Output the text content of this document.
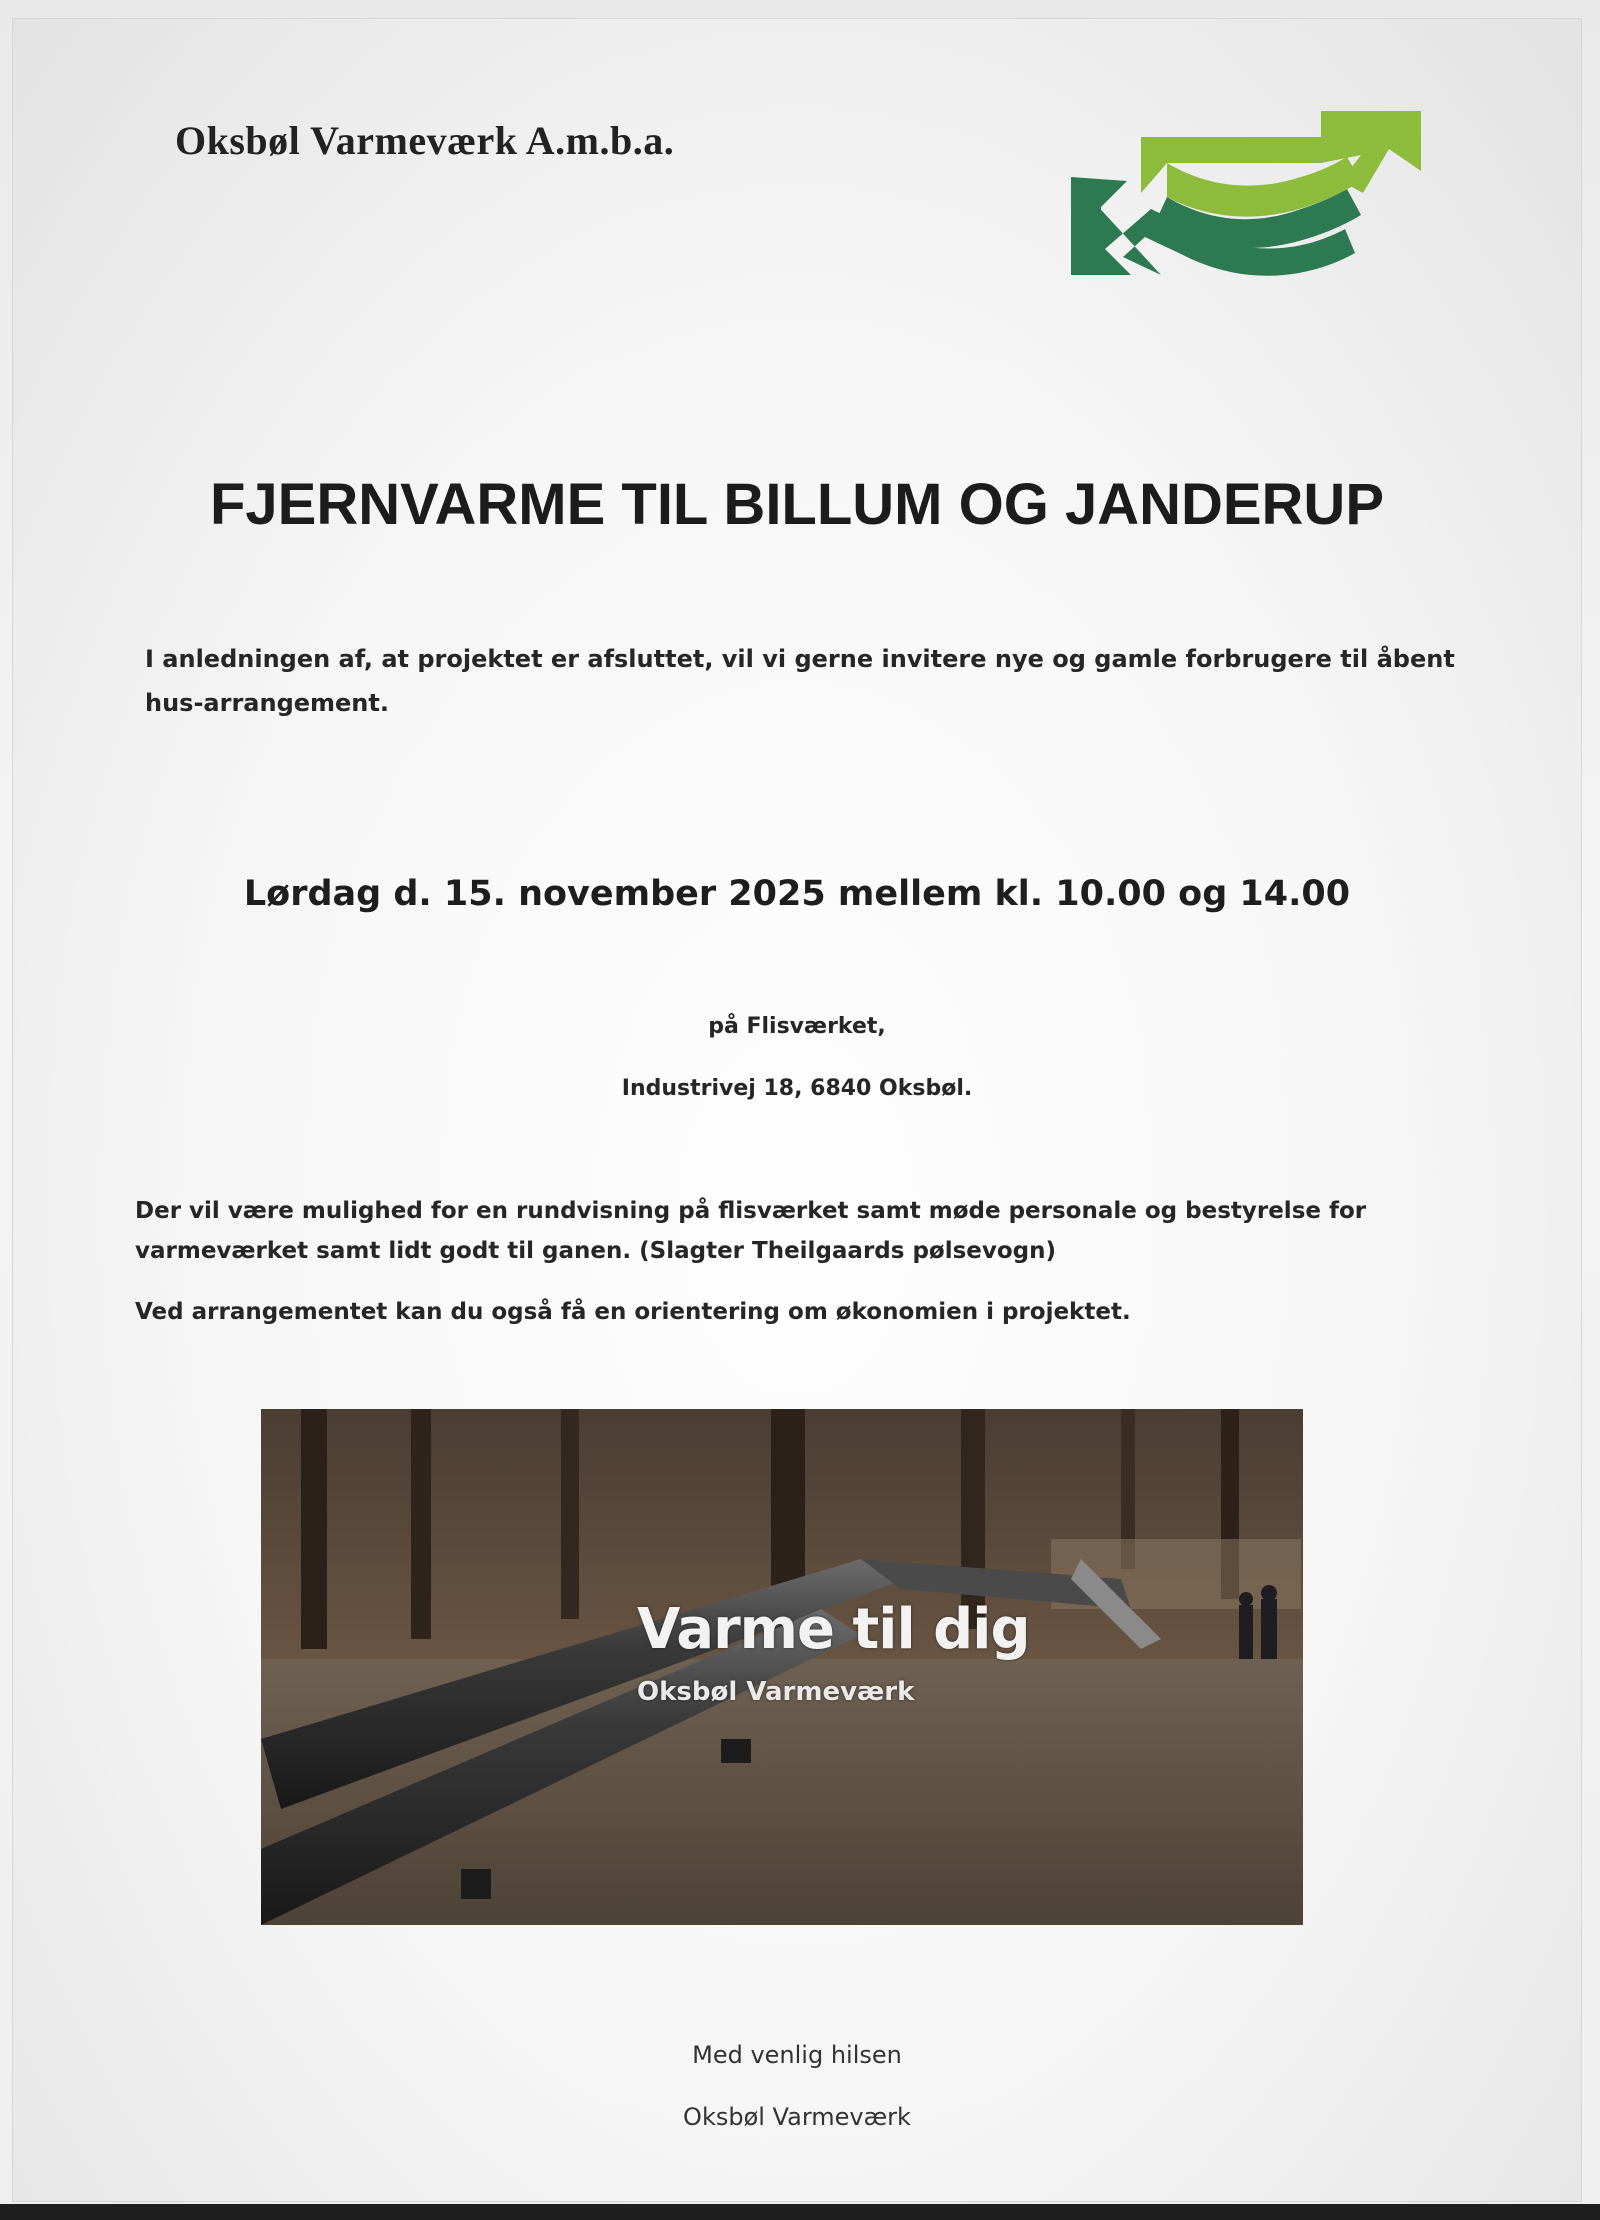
Oksbøl Varmeværk A.m.b.a.
FJERNVARME TIL BILLUM OG JANDERUP
I anledningen af, at projektet er afsluttet, vil vi gerne invitere nye og gamle forbrugere til åbent hus-arrangement.
Lørdag d. 15. november 2025 mellem kl. 10.00 og 14.00
på Flisværket,
Industrivej 18, 6840 Oksbøl.
Der vil være mulighed for en rundvisning på flisværket samt møde personale og bestyrelse for varmeværket samt lidt godt til ganen. (Slagter Theilgaards pølsevogn)
Ved arrangementet kan du også få en orientering om økonomien i projektet.
Varme til dig
Oksbøl Varmeværk
Med venlig hilsen
Oksbøl Varmeværk
